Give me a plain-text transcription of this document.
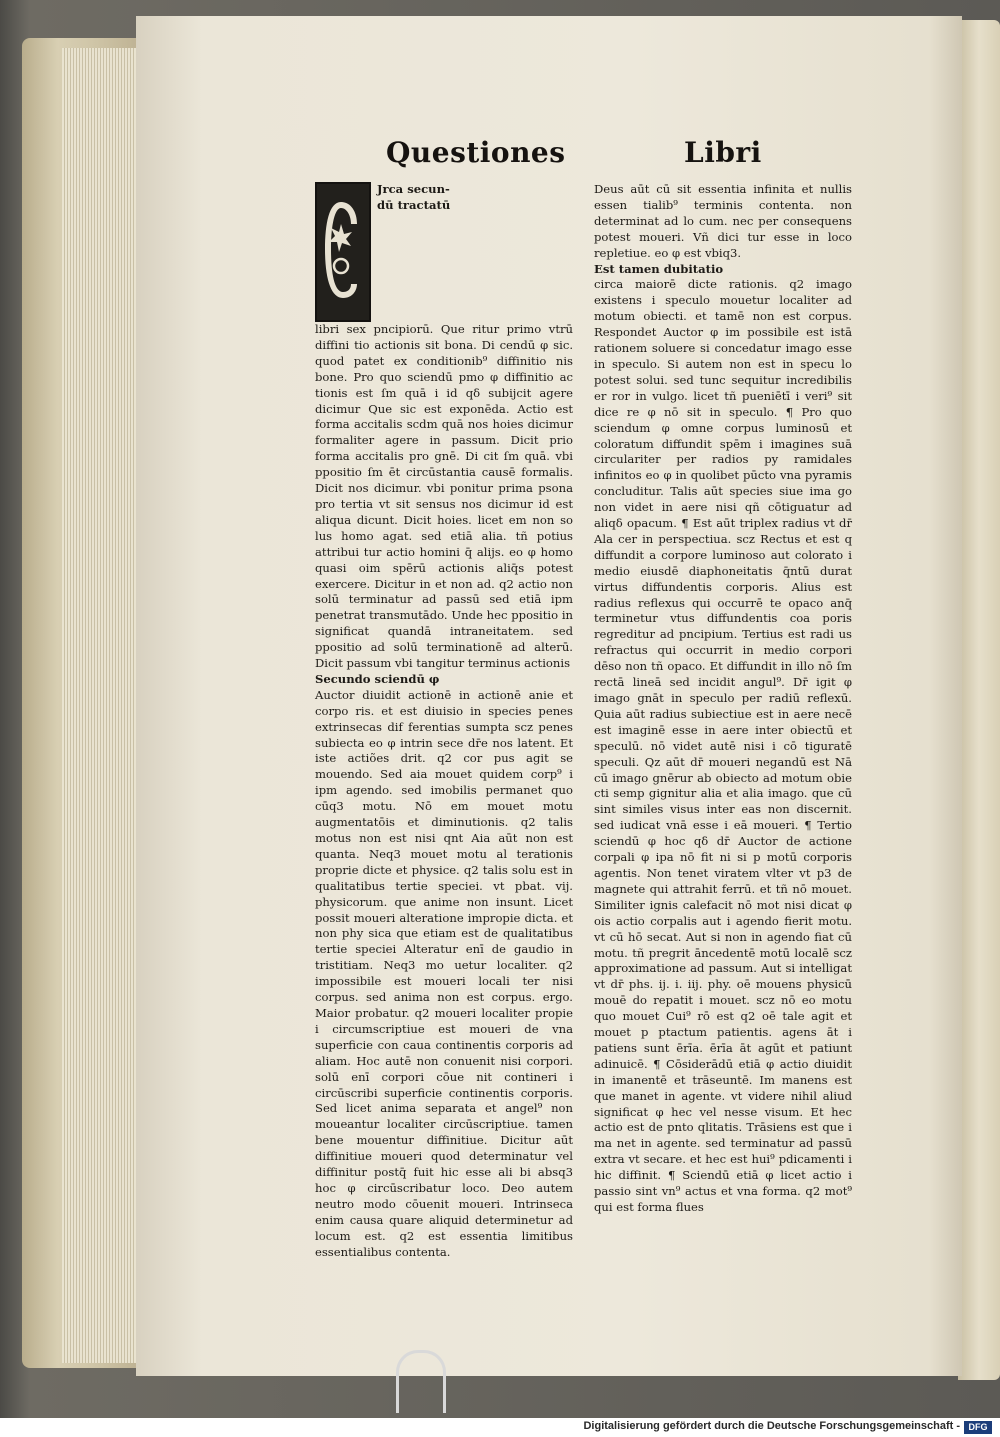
Questiones	Libri

Jrca secun-

dū tractatū

libri sex pncipiorū. Que ritur primo vtrū diffini tio actionis sit bona. Di cendū φ sic. quod patet ex conditionib⁹ diffinitio nis bone. Pro quo sciendū pmo φ diffinitio ac tionis est ſm quā i id qδ subijcit agere dicimur Que sic est exponēda. Actio est forma accitalis scdm quā nos hoies dicimur formaliter agere in passum. Dicit prio forma accitalis pro gnē. Di cit ſm quā. vbi ppositio ſm ēt circūstantia causē formalis. Dicit nos dicimur. vbi ponitur prima psona pro tertia vt sit sensus nos dicimur id est aliqua dicunt. Dicit hoies. licet em non so lus homo agat. sed etiā alia. tñ potius attribui tur actio homini q̄ alijs. eo φ homo quasi oim spērū actionis aliq̄s potest exercere. Dicitur in et non ad. q2 actio non solū terminatur ad passū sed etiā ipm penetrat transmutādo. Unde hec ppositio in significat quandā intraneitatem. sed ppositio ad solū terminationē ad alterū. Dicit passum vbi tangitur terminus actionis

Secundo sciendū φ

Auctor diuidit actionē in actionē anie et corpo ris. et est diuisio in species penes extrinsecas dif ferentias sumpta scz penes subiecta eo φ intrin sece dr̄e nos latent. Et iste actiões drit. q2 cor pus agit se mouendo. Sed aia mouet quidem corp⁹ i ipm agendo. sed imobilis permanet quo cūq3 motu. Nō em mouet motu augmentatōis et diminutionis. q2 talis motus non est nisi qnt Aia aūt non est quanta. Neq3 mouet motu al terationis proprie dicte et physice. q2 talis solu est in qualitatibus tertie speciei. vt pbat. vij. physicorum. que anime non insunt. Licet possit moueri alteratione impropie dicta. et non phy sica que etiam est de qualitatibus tertie speciei Alteratur enī de gaudio in tristitiam. Neq3 mo uetur localiter. q2 impossibile est moueri locali ter nisi corpus. sed anima non est corpus. ergo. Maior probatur. q2 moueri localiter propie i circumscriptiue est moueri de vna superficie con caua continentis corporis ad aliam. Hoc autē non conuenit nisi corpori. solū enī corpori cōue nit contineri i circūscribi superficie continentis corporis. Sed licet anima separata et angel⁹ non moueantur localiter circūscriptiue. tamen bene mouentur diffinitiue. Dicitur aūt diffinitiue moueri quod determinatur vel diffinitur postq̄ fuit hic esse ali bi absq3 hoc φ circūscribatur loco. Deo autem neutro modo cōuenit moueri. Intrinseca enim causa quare aliquid determinetur ad locum est. q2 est essentia limitibus essentialibus contenta.

Deus aūt cū sit essentia infinita et nullis essen tialib⁹ terminis contenta. non determinat ad lo cum. nec per consequens potest moueri. Vñ dici tur esse in loco repletiue. eo φ est vbiq3.

Est tamen dubitatio

circa maiorē dicte rationis. q2 imago existens i speculo mouetur localiter ad motum obiecti. et tamē non est corpus. Respondet Auctor φ im possibile est istā rationem soluere si concedatur imago esse in speculo. Si autem non est in specu lo potest solui. sed tunc sequitur incredibilis er ror in vulgo. licet tñ pueniētī i veri⁹ sit dice re φ nō sit in speculo. ¶ Pro quo sciendum φ omne corpus luminosū et coloratum diffundit spēm i imagines suā circulariter per radios py ramidales infinitos eo φ in quolibet pūcto vna pyramis concluditur. Talis aūt species siue ima go non videt in aere nisi qñ cōtiguatur ad aliqδ opacum. ¶ Est aūt triplex radius vt dr̄ Ala cer in perspectiua. scz Rectus et est q diffundit a corpore luminoso aut colorato i medio eiusdē diaphoneitatis q̄ntū durat virtus diffundentis corporis. Alius est radius reflexus qui occurrē te opaco anq̄ terminetur vtus diffundentis coa poris regreditur ad pncipium. Tertius est radi us refractus qui occurrit in medio corpori dēso non tñ opaco. Et diffundit in illo nō ſm rectā lineā sed incidit angul⁹. Dr̄ igit φ imago gnāt in speculo per radiū reflexū. Quia aūt radius subiectiue est in aere necē est imaginē esse in aere inter obiectū et speculū. nō videt autē nisi i cō tiguratē speculi. Qz aūt dr̄ moueri negandū est Nā cū imago gnērur ab obiecto ad motum obie cti semp gignitur alia et alia imago. que cū sint similes visus inter eas non discernit. sed iudicat vnā esse i eā moueri. ¶ Tertio sciendū φ hoc qδ dr̄ Auctor de actione corpali φ ipa nō fit ni si p motū corporis agentis. Non tenet viratem vlter vt p3 de magnete qui attrahit ferrū. et tñ nō mouet. Similiter ignis calefacit nō mot nisi dicat φ ois actio corpalis aut i agendo fierit motu. vt cū hō secat. Aut si non in agendo fiat cū motu. tñ pregrit āncedentē motū localē scz approximatione ad passum. Aut si intelligat vt dr̄ phs. ij. i. iij. phy. oē mouens physicū mouē do repatit i mouet. scz nō eo motu quo mouet Cui⁹ rō est q2 oē tale agit et mouet p ptactum patientis. agens āt i patiens sunt ērīa. ērīa āt agūt et patiunt adinuicē. ¶ Cōsiderādū etiā φ actio diuidit in imanentē et trāseuntē. Im manens est que manet in agente. vt videre nihil aliud significat φ hec vel nesse visum. Et hec actio est de pnto qlitatis. Trāsiens est que i ma net in agente. sed terminatur ad passū extra vt secare. et hec est hui⁹ pdicamenti i hic diffinit. ¶ Sciendū etiā φ licet actio i passio sint vn⁹ actus et vna forma. q2 mot⁹ qui est forma flues

Digitalisierung gefördert durch die Deutsche Forschungsgemeinschaft - DFG
